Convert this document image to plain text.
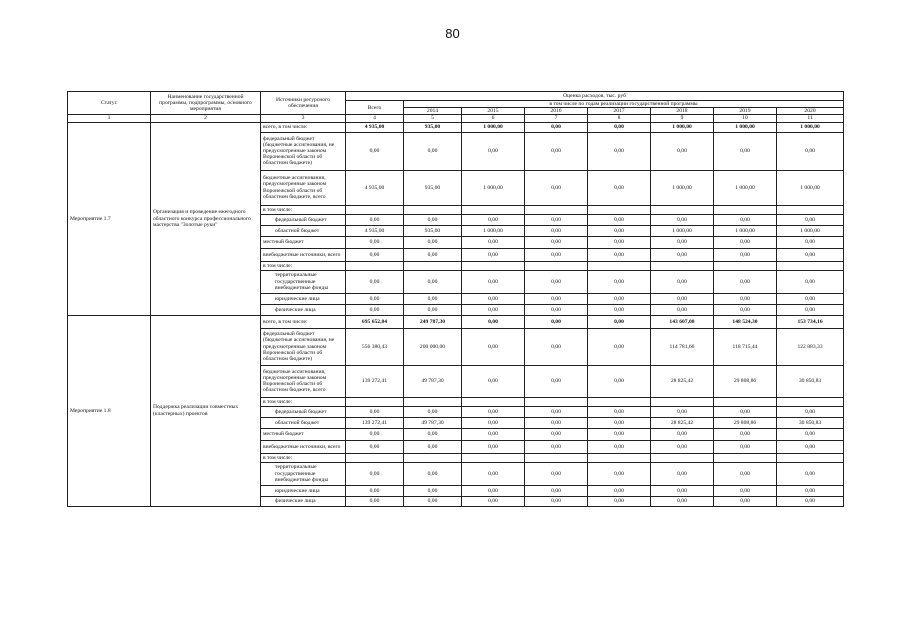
80
Статус	Наименование государственной программы, подпрограммы, основного мероприятия	Источники ресурсного обеспечения	Оценка расходов, тыс. руб							
			Всего	в том числе по годам реализации государственной программы						
				2014	2015	2016	2017	2018	2019	2020
1	2	3	4	5	6	7	8	9	10	11
Мероприятие 1.7	Организация и проведение ежегодного областного конкурса профессионального мастерства "Золотые руки"	всего, в том числе:	4 935,00	935,00	1 000,00	0,00	0,00	1 000,00	1 000,00	1 000,00
		федеральный бюджет (бюджетные ассигнования, не предусмотренные законом Воронежской области об областном бюджете)	0,00	0,00	0,00	0,00	0,00	0,00	0,00	0,00
		бюджетные ассигнования, предусмотренные законом Воронежской области об областном бюджете, всего	4 935,00	935,00	1 000,00	0,00	0,00	1 000,00	1 000,00	1 000,00
		в том числе:								
		федеральный бюджет	0,00	0,00	0,00	0,00	0,00	0,00	0,00	0,00
		областной бюджет	4 935,00	935,00	1 000,00	0,00	0,00	1 000,00	1 000,00	1 000,00
		местный бюджет	0,00	0,00	0,00	0,00	0,00	0,00	0,00	0,00
		внебюджетные источники, всего	0,00	0,00	0,00	0,00	0,00	0,00	0,00	0,00
		в том числе:								
		территориальные государственные внебюджетные фонды	0,00	0,00	0,00	0,00	0,00	0,00	0,00	0,00
		юридические лица	0,00	0,00	0,00	0,00	0,00	0,00	0,00	0,00
		физические лица	0,00	0,00	0,00	0,00	0,00	0,00	0,00	0,00
Мероприятие 1.8	Поддержка реализации совместных (кластерных) проектов	всего, в том числе:	695 652,84	249 787,30	0,00	0,00	0,00	143 607,08	148 524,30	153 734,16
		федеральный бюджет (бюджетные ассигнования, не предусмотренные законом Воронежской области об областном бюджете)	556 380,43	200 000,00	0,00	0,00	0,00	114 781,66	118 715,44	122 883,33
		бюджетные ассигнования, предусмотренные законом Воронежской области об областном бюджете, всего	139 272,41	49 787,30	0,00	0,00	0,00	28 825,42	29 808,86	30 850,83
		в том числе:								
		федеральный бюджет	0,00	0,00	0,00	0,00	0,00	0,00	0,00	0,00
		областной бюджет	139 272,41	49 787,30	0,00	0,00	0,00	28 825,42	29 808,86	30 850,83
		местный бюджет	0,00	0,00	0,00	0,00	0,00	0,00	0,00	0,00
		внебюджетные источники, всего	0,00	0,00	0,00	0,00	0,00	0,00	0,00	0,00
		в том числе:								
		территориальные государственные внебюджетные фонды	0,00	0,00	0,00	0,00	0,00	0,00	0,00	0,00
		юридические лица	0,00	0,00	0,00	0,00	0,00	0,00	0,00	0,00
		физические лица	0,00	0,00	0,00	0,00	0,00	0,00	0,00	0,00
